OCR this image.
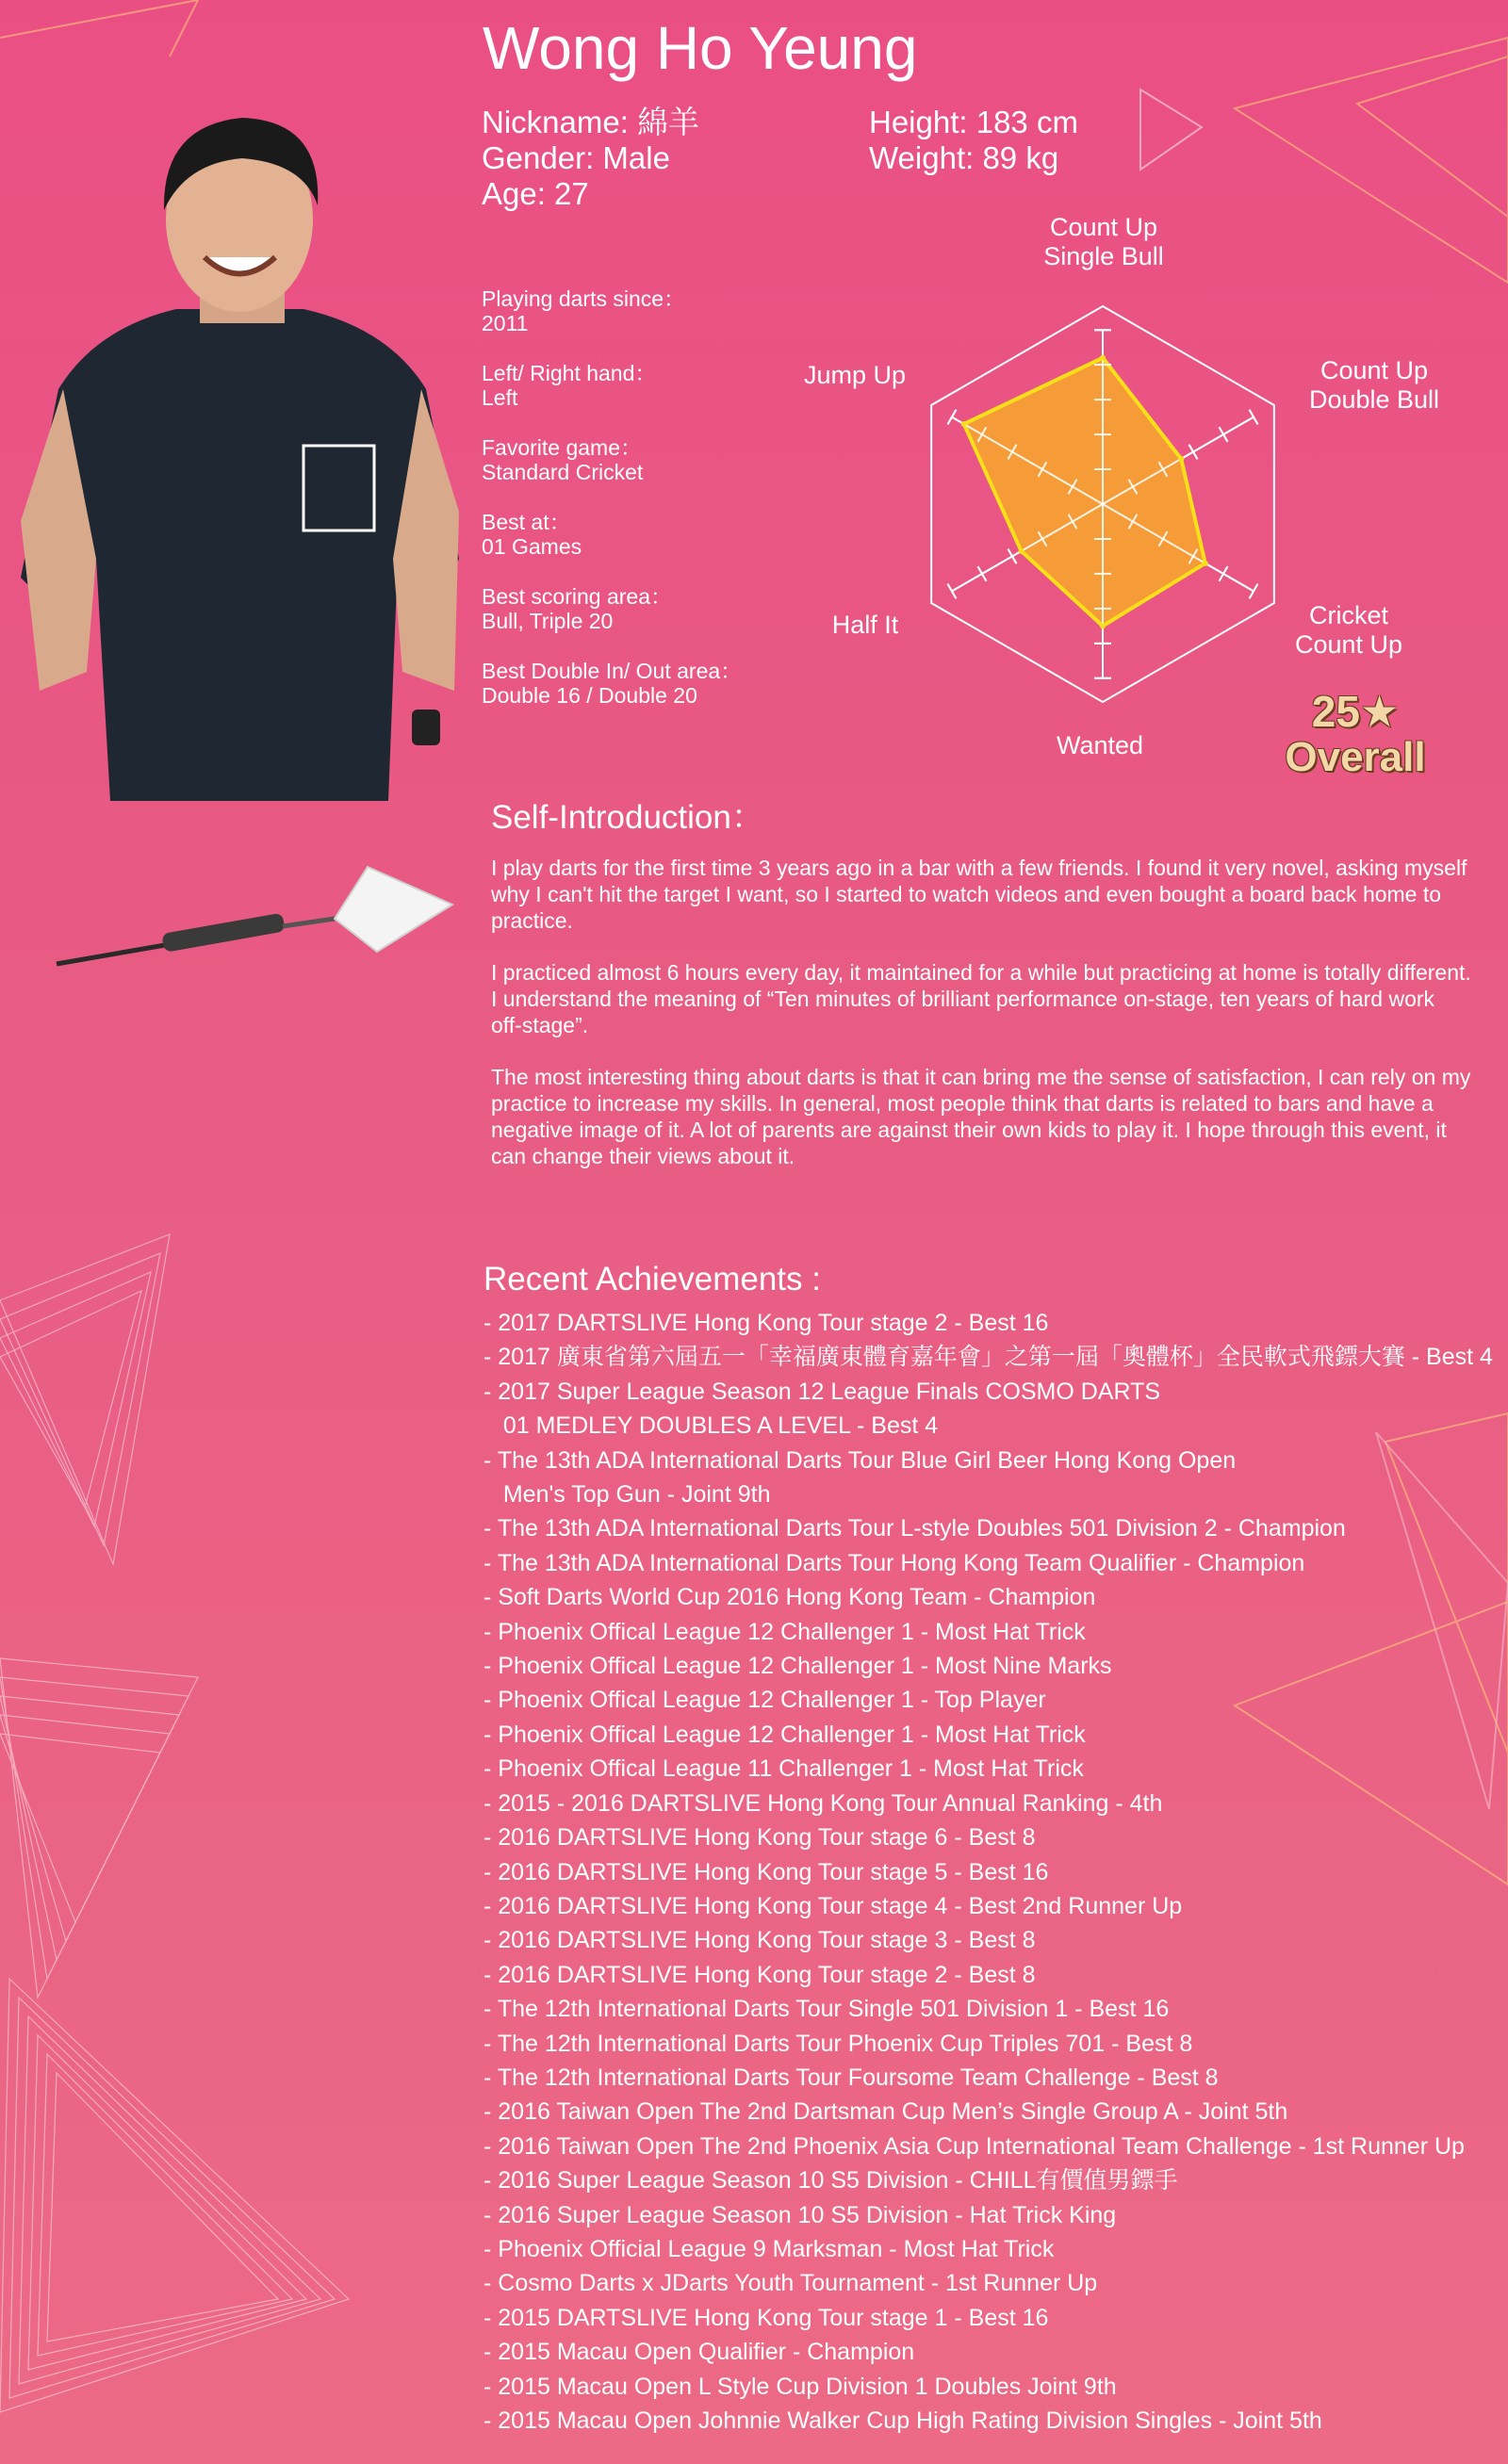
Wong Ho Yeung
Nickname: 綿羊
Gender: Male
Age: 27
Height: 183 cm
Weight: 89 kg
Playing darts since：
2011
Left/ Right hand：
Left
Favorite game：
Standard Cricket
Best at：
01 Games
Best scoring area：
Bull, Triple 20
Best Double In/ Out area：
Double 16 / Double 20
Count Up
Single Bull
Count Up
Double Bull
Cricket
Count Up
Wanted
Half It
Jump Up
25★
Overall
Self-Introduction：

I play darts for the first time 3 years ago in a bar with a few friends. I found it very novel, asking myself why I can't hit the target I want, so I started to watch videos and even bought a board back home to practice.

I practiced almost 6 hours every day, it maintained for a while but practicing at home is totally different. I understand the meaning of “Ten minutes of brilliant performance on-stage, ten years of hard work off-stage”.

The most interesting thing about darts is that it can bring me the sense of satisfaction, I can rely on my practice to increase my skills. In general, most people think that darts is related to bars and have a negative image of it. A lot of parents are against their own kids to play it. I hope through this event, it can change their views about it.

Recent Achievements :
- 2017 DARTSLIVE Hong Kong Tour stage 2 - Best 16
- 2017 廣東省第六屆五一「幸福廣東體育嘉年會」之第一屆「奧體杯」全民軟式飛鏢大賽 - Best 4
- 2017 Super League Season 12 League Finals COSMO DARTS
01 MEDLEY DOUBLES A LEVEL - Best 4
- The 13th ADA International Darts Tour Blue Girl Beer Hong Kong Open
Men's Top Gun - Joint 9th
- The 13th ADA International Darts Tour L-style Doubles 501 Division 2 - Champion
- The 13th ADA International Darts Tour Hong Kong Team Qualifier - Champion
- Soft Darts World Cup 2016 Hong Kong Team - Champion
- Phoenix Offical League 12 Challenger 1 - Most Hat Trick
- Phoenix Offical League 12 Challenger 1 - Most Nine Marks
- Phoenix Offical League 12 Challenger 1 - Top Player
- Phoenix Offical League 12 Challenger 1 - Most Hat Trick
- Phoenix Offical League 11 Challenger 1 - Most Hat Trick
- 2015 - 2016 DARTSLIVE Hong Kong Tour Annual Ranking - 4th
- 2016 DARTSLIVE Hong Kong Tour stage 6 - Best 8
- 2016 DARTSLIVE Hong Kong Tour stage 5 - Best 16
- 2016 DARTSLIVE Hong Kong Tour stage 4 - Best 2nd Runner Up
- 2016 DARTSLIVE Hong Kong Tour stage 3 - Best 8
- 2016 DARTSLIVE Hong Kong Tour stage 2 - Best 8
- The 12th International Darts Tour Single 501 Division 1 - Best 16
- The 12th International Darts Tour Phoenix Cup Triples 701 - Best 8
- The 12th International Darts Tour Foursome Team Challenge - Best 8
- 2016 Taiwan Open The 2nd Dartsman Cup Men’s Single Group A - Joint 5th
- 2016 Taiwan Open The 2nd Phoenix Asia Cup International Team Challenge - 1st Runner Up
- 2016 Super League Season 10 S5 Division - CHILL有價值男鏢手
- 2016 Super League Season 10 S5 Division - Hat Trick King
- Phoenix Official League 9 Marksman - Most Hat Trick
- Cosmo Darts x JDarts Youth Tournament - 1st Runner Up
- 2015 DARTSLIVE Hong Kong Tour stage 1 - Best 16
- 2015 Macau Open Qualifier - Champion
- 2015 Macau Open L Style Cup Division 1 Doubles Joint 9th
- 2015 Macau Open Johnnie Walker Cup High Rating Division Singles - Joint 5th
